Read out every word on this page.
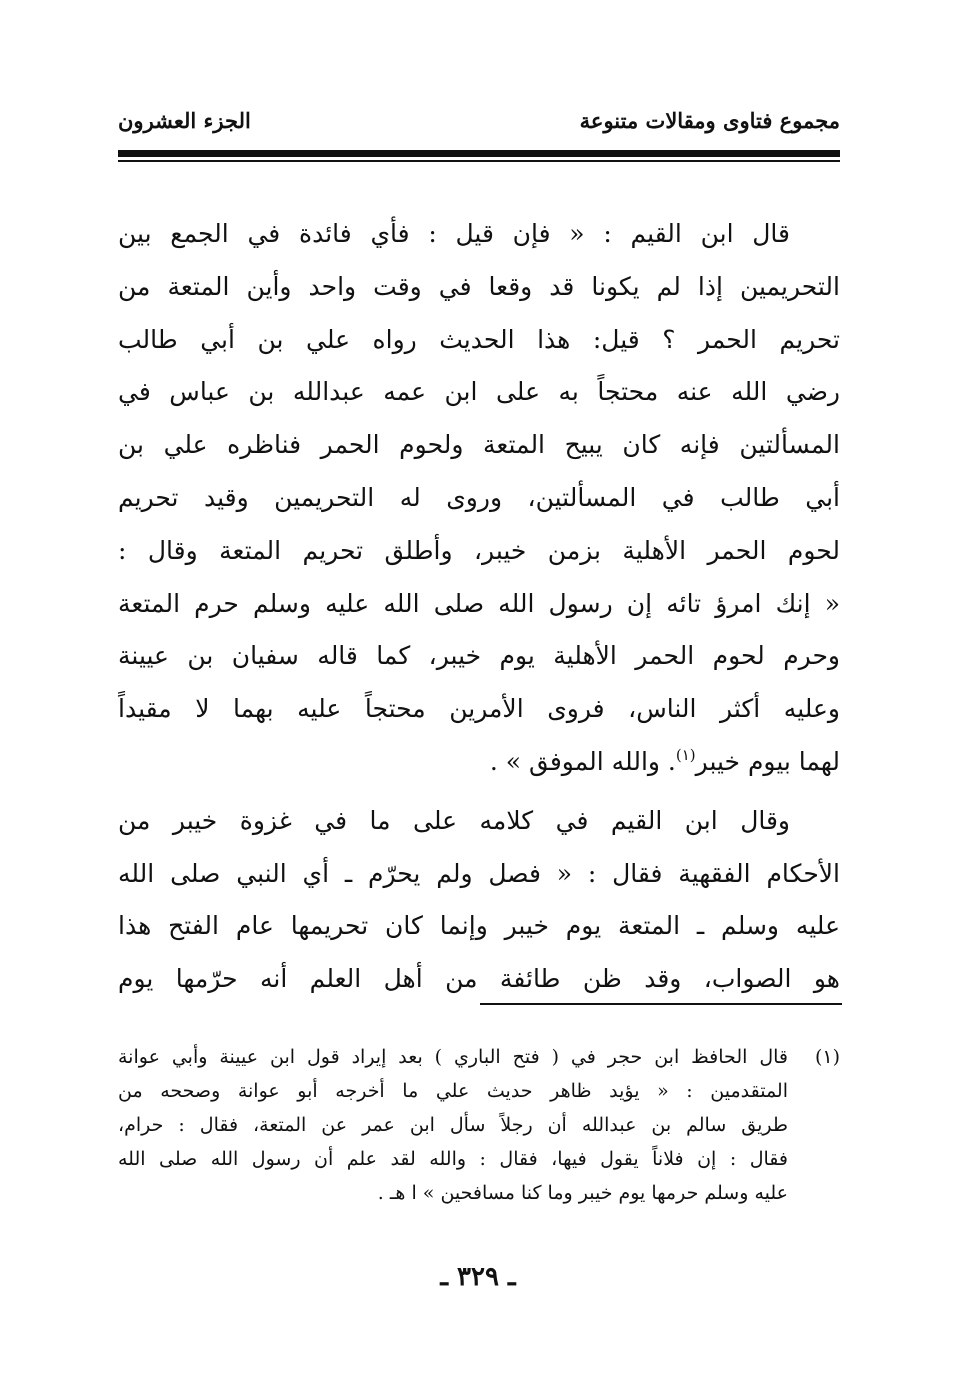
مجموع فتاوى ومقالات متنوعة
الجزء العشرون
قال ابن القيم : « فإن قيل : فأي فائدة في الجمع بين
التحريمين إذا لم يكونا قد وقعا في وقت واحد وأين المتعة من
تحريم الحمر ؟ قيل: هذا الحديث رواه علي بن أبي طالب
رضي الله عنه محتجاً به على ابن عمه عبدالله بن عباس في
المسألتين فإنه كان يبيح المتعة ولحوم الحمر فناظره علي بن
أبي طالب في المسألتين، وروى له التحريمين وقيد تحريم
لحوم الحمر الأهلية بزمن خيبر، وأطلق تحريم المتعة وقال :
« إنك امرؤ تائه إن رسول الله صلى الله عليه وسلم حرم المتعة
وحرم لحوم الحمر الأهلية يوم خيبر، كما قاله سفيان بن عيينة
وعليه أكثر الناس، فروى الأمرين محتجاً عليه بهما لا مقيداً
لهما بيوم خيبر$^{(١)}$. والله الموفق » .
وقال ابن القيم في كلامه على ما في غزوة خيبر من
الأحكام الفقهية فقال : « فصل ولم يحرّم ـ أي النبي صلى الله
عليه وسلم ـ المتعة يوم خيبر وإنما كان تحريمها عام الفتح هذا
هو الصواب، وقد ظن طائفة من أهل العلم أنه حرّمها يوم
(١)
قال الحافظ ابن حجر في ( فتح الباري ) بعد إيراد قول ابن عيينة وأبي عوانة
المتقدمين : « يؤيد ظاهر حديث علي ما أخرجه أبو عوانة وصححه من
طريق سالم بن عبدالله أن رجلاً سأل ابن عمر عن المتعة، فقال : حرام،
فقال : إن فلاناً يقول فيها، فقال : والله لقد علم أن رسول الله صلى الله
عليه وسلم حرمها يوم خيبر وما كنا مسافحين » ا هـ .
ـ ٣٢٩ ـ
